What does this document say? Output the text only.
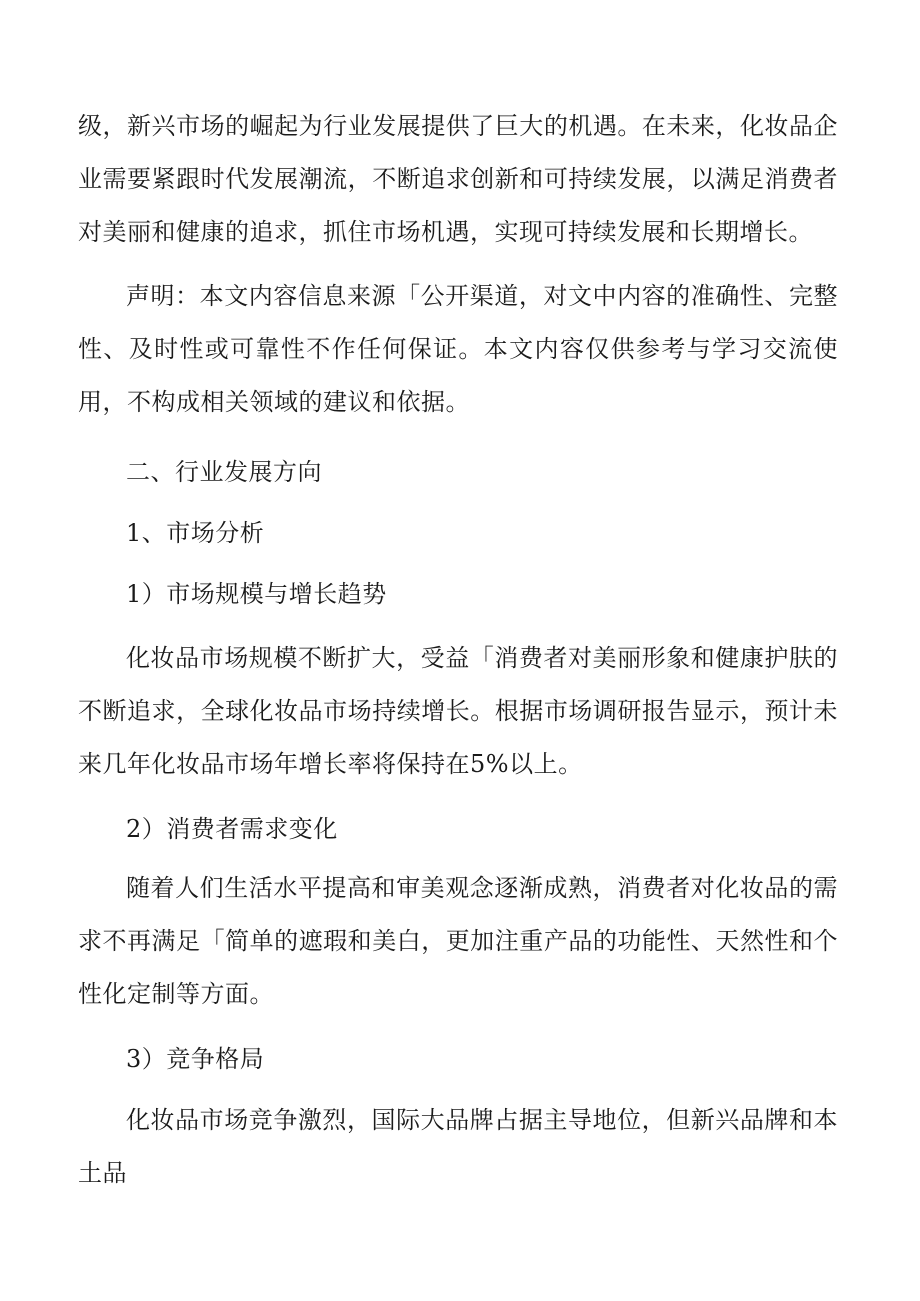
级，新兴市场的崛起为行业发展提供了巨大的机遇。在未来，化妆品企业需要紧跟时代发展潮流，不断追求创新和可持续发展，以满足消费者对美丽和健康的追求，抓住市场机遇，实现可持续发展和长期增长。

声明：本文内容信息来源「公开渠道，对文中内容的准确性、完整性、及时性或可靠性不作任何保证。本文内容仅供参考与学习交流使用，不构成相关领域的建议和依据。

二、行业发展方向

1、市场分析

1）市场规模与增长趋势

化妆品市场规模不断扩大，受益「消费者对美丽形象和健康护肤的不断追求，全球化妆品市场持续增长。根据市场调研报告显示，预计未来几年化妆品市场年增长率将保持在5%以上。

2）消费者需求变化

随着人们生活水平提高和审美观念逐渐成熟，消费者对化妆品的需求不再满足「简单的遮瑕和美白，更加注重产品的功能性、天然性和个性化定制等方面。

3）竞争格局

化妆品市场竞争激烈，国际大品牌占据主导地位，但新兴品牌和本土品
